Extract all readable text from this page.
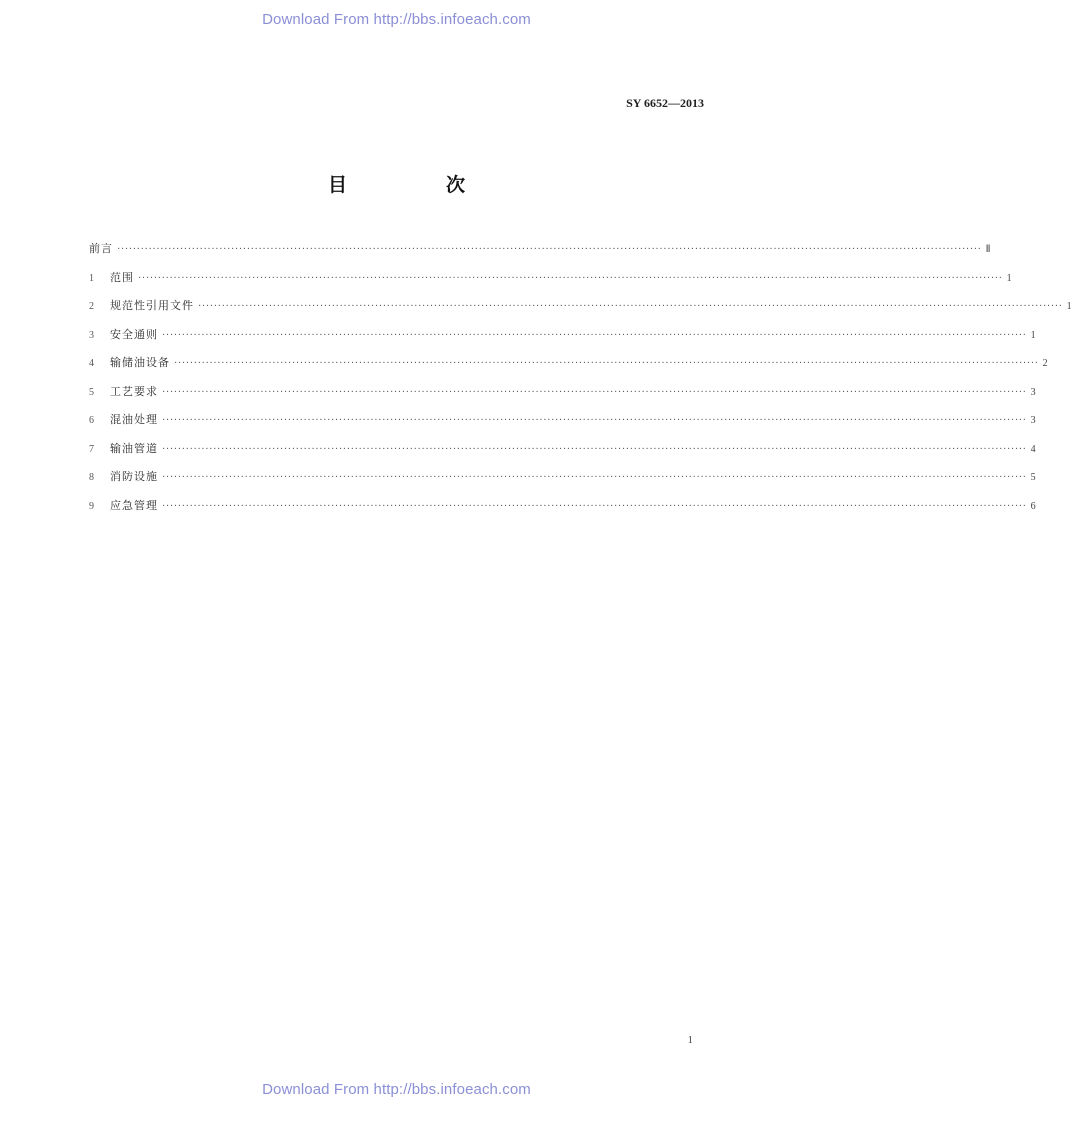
Download From http://bbs.infoeach.com
SY 6652—2013
目　次
前言 ···························································································································································································································· Ⅱ
1	范围 ···························································································································································································································· 1
2	规范性引用文件 ···························································································································································································································· 1
3	安全通则 ···························································································································································································································· 1
4	输储油设备 ···························································································································································································································· 2
5	工艺要求 ···························································································································································································································· 3
6	混油处理 ···························································································································································································································· 3
7	输油管道 ···························································································································································································································· 4
8	消防设施 ···························································································································································································································· 5
9	应急管理 ···························································································································································································································· 6
1
Download From http://bbs.infoeach.com
